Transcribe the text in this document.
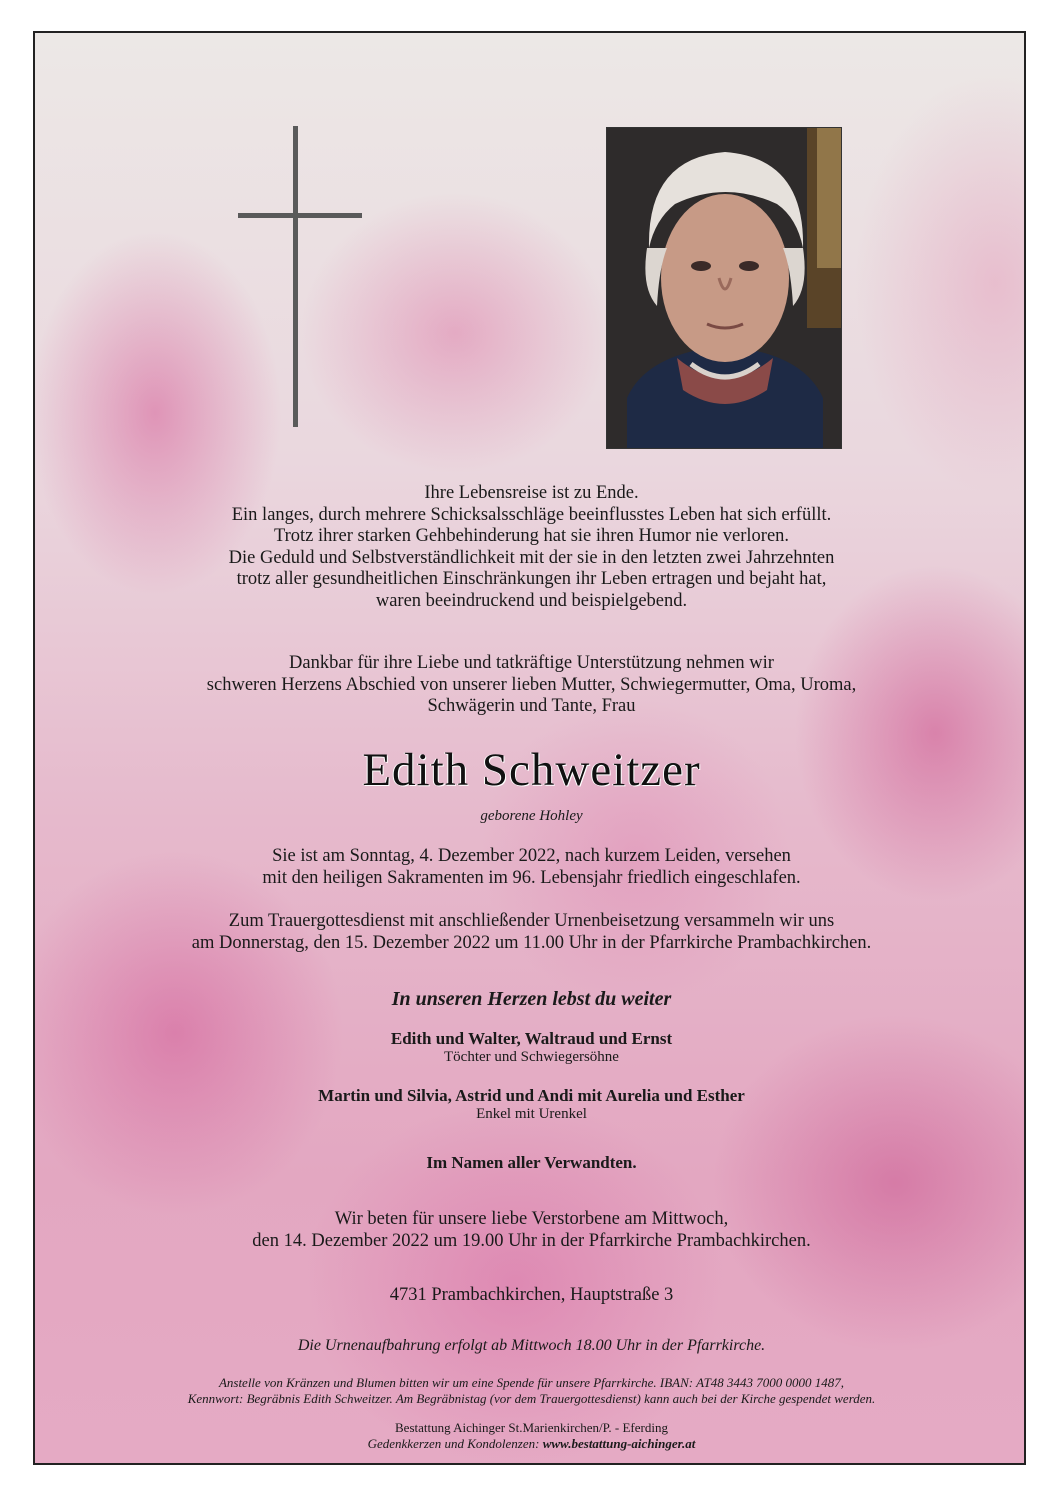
Ihre Lebensreise ist zu Ende.
Ein langes, durch mehrere Schicksalsschläge beeinflusstes Leben hat sich erfüllt.
Trotz ihrer starken Gehbehinderung hat sie ihren Humor nie verloren.
Die Geduld und Selbstverständlichkeit mit der sie in den letzten zwei Jahrzehnten
trotz aller gesundheitlichen Einschränkungen ihr Leben ertragen und bejaht hat,
waren beeindruckend und beispielgebend.
Dankbar für ihre Liebe und tatkräftige Unterstützung nehmen wir
schweren Herzens Abschied von unserer lieben Mutter, Schwiegermutter, Oma, Uroma,
Schwägerin und Tante, Frau
Edith Schweitzer
geborene Hohley
Sie ist am Sonntag, 4. Dezember 2022, nach kurzem Leiden, versehen
mit den heiligen Sakramenten im 96. Lebensjahr friedlich eingeschlafen.
Zum Trauergottesdienst mit anschließender Urnenbeisetzung versammeln wir uns
am Donnerstag, den 15. Dezember 2022 um 11.00 Uhr in der Pfarrkirche Prambachkirchen.
In unseren Herzen lebst du weiter
Edith und Walter, Waltraud und Ernst
Töchter und Schwiegersöhne
Martin und Silvia, Astrid und Andi mit Aurelia und Esther
Enkel mit Urenkel
Im Namen aller Verwandten.
Wir beten für unsere liebe Verstorbene am Mittwoch,
den 14. Dezember 2022 um 19.00 Uhr in der Pfarrkirche Prambachkirchen.
4731 Prambachkirchen, Hauptstraße 3
Die Urnenaufbahrung erfolgt ab Mittwoch 18.00 Uhr in der Pfarrkirche.
Anstelle von Kränzen und Blumen bitten wir um eine Spende für unsere Pfarrkirche. IBAN: AT48 3443 7000 0000 1487,
Kennwort: Begräbnis Edith Schweitzer. Am Begräbnistag (vor dem Trauergottesdienst) kann auch bei der Kirche gespendet werden.
Bestattung Aichinger St.Marienkirchen/P. - Eferding
Gedenkkerzen und Kondolenzen: www.bestattung-aichinger.at
